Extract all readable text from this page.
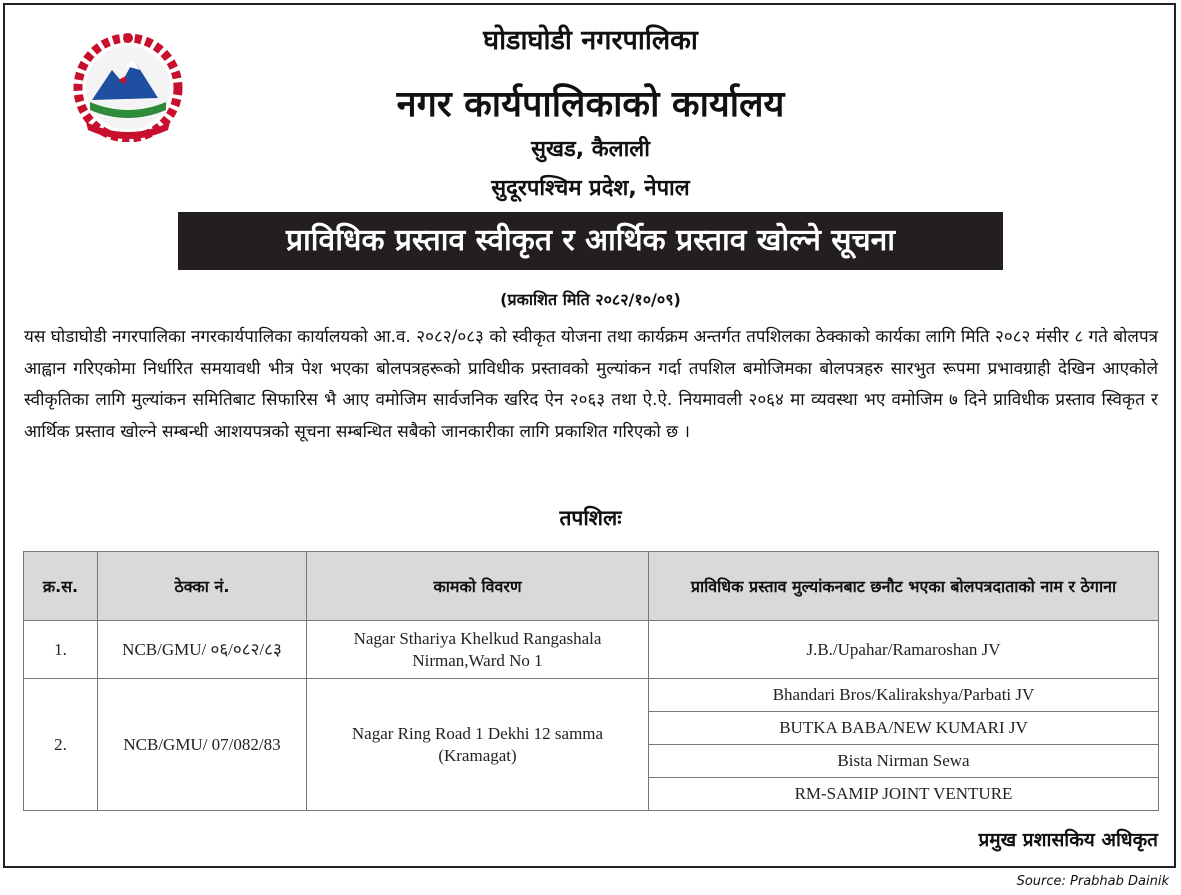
घोडाघोडी नगरपालिका
नगर कार्यपालिकाको कार्यालय
सुखड, कैलाली
सुदूरपश्चिम प्रदेश, नेपाल
प्राविधिक प्रस्ताव स्वीकृत र आर्थिक प्रस्ताव खोल्ने सूचना
(प्रकाशित मिति २०८२/१०/०९)
यस घोडाघोडी नगरपालिका नगरकार्यपालिका कार्यालयको आ.व. २०८२/०८३ को स्वीकृत योजना तथा कार्यक्रम अन्तर्गत तपशिलका ठेक्काको कार्यका लागि मिति २०८२ मंसीर ८ गते बोलपत्र आह्वान गरिएकोमा निर्धारित समयावधी भीत्र पेश भएका बोलपत्रहरूको प्राविधीक प्रस्तावको मुल्यांकन गर्दा तपशिल बमोजिमका बोलपत्रहरु सारभुत रूपमा प्रभावग्राही देखिन आएकोले स्वीकृतिका लागि मुल्यांकन समितिबाट सिफारिस भै आए वमोजिम सार्वजनिक खरिद ऐन २०६३ तथा ऐ.ऐ. नियमावली २०६४ मा व्यवस्था भए वमोजिम ७ दिने प्राविधीक प्रस्ताव स्विकृत र आर्थिक प्रस्ताव खोल्ने सम्बन्धी आशयपत्रको सूचना सम्बन्धित सबैको जानकारीका लागि प्रकाशित गरिएको छ ।
तपशिलः
क्र.स.	ठेक्का नं.	कामको विवरण	प्राविधिक प्रस्ताव मुल्यांकनबाट छनौट भएका बोलपत्रदाताको नाम र ठेगाना
1.	NCB/GMU/ ०६/०८२/८३	Nagar Sthariya Khelkud Rangashala Nirman,Ward No 1	J.B./Upahar/Ramaroshan JV
2.	NCB/GMU/ 07/082/83	Nagar Ring Road 1 Dekhi 12 samma (Kramagat)	Bhandari Bros/Kalirakshya/Parbati JV
			BUTKA BABA/NEW KUMARI JV
			Bista Nirman Sewa
			RM-SAMIP JOINT VENTURE
प्रमुख प्रशासकिय अधिकृत
Source: Prabhab Dainik
